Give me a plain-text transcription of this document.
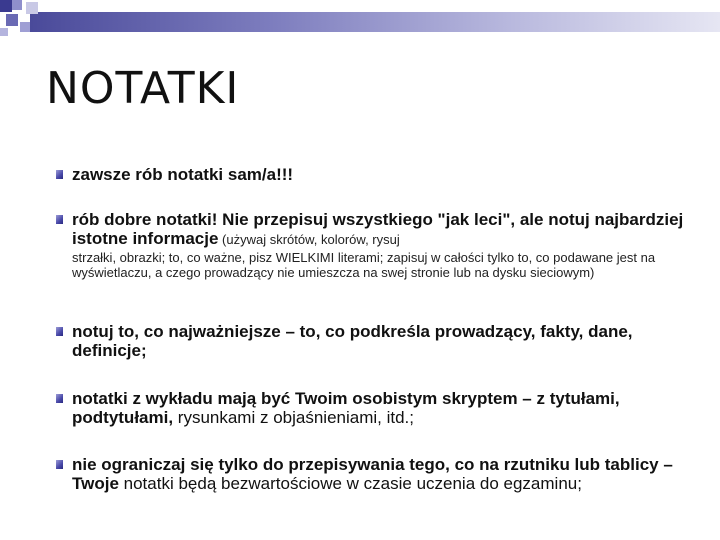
NOTATKI
zawsze rób notatki sam/a!!!
rób dobre notatki! Nie przepisuj wszystkiego "jak leci", ale notuj najbardziej istotne informacje (używaj skrótów, kolorów, rysuj
strzałki, obrazki; to, co ważne, pisz WIELKIMI literami; zapisuj w całości tylko to, co podawane jest na wyświetlaczu, a czego prowadzący nie umieszcza na swej stronie lub na dysku sieciowym)
notuj to, co najważniejsze – to, co podkreśla prowadzący, fakty, dane, definicje;
notatki z wykładu mają być Twoim osobistym skryptem – z tytułami, podtytułami, rysunkami z objaśnieniami, itd.;
nie ograniczaj się tylko do przepisywania tego, co na rzutniku lub tablicy – Twoje notatki będą bezwartościowe w czasie uczenia do egzaminu;
